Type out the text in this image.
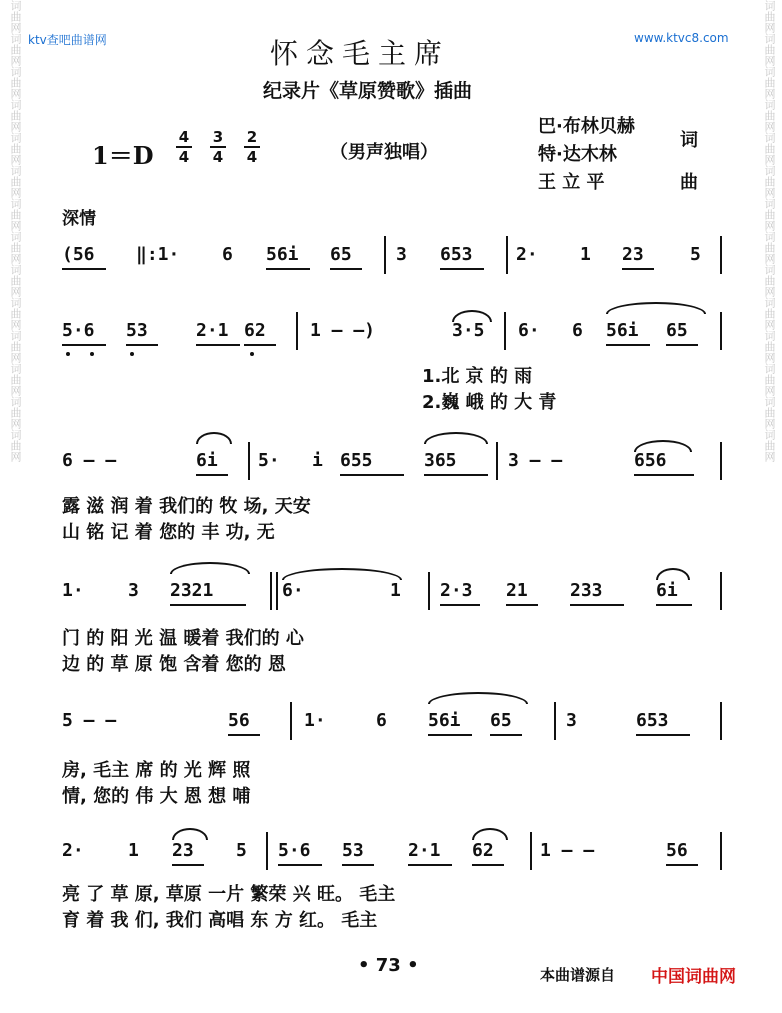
词曲网词曲网词曲网词曲网词曲网词曲网词曲网词曲网词曲网词曲网词曲网词曲网词曲网词曲网	词曲网词曲网词曲网词曲网词曲网词曲网词曲网词曲网词曲网词曲网词曲网词曲网词曲网词曲网
ktv查吧曲谱网	www.ktvc8.com
怀念毛主席
纪录片《草原赞歌》插曲
$1=D \frac{4}{4} \frac{3}{4} \frac{2}{4}$	（男声独唱）
巴·布林贝赫
特·达木林
词
王 立 平	曲
深情
(56 ‖:1· 6 56i 65 3 653 2· 1 23	5
5·6 53	2·1 62 1 — —)	3·5 6· 6 56i 65
1.北 京 的 雨
2.巍 峨 的 大 青
6 — —	6i 5· i 655	365	3 — —	656
露 滋 润 着 我们的 牧 场, 天安
山 铭 记 着 您的 丰 功, 无
1· 3 2321	6·	1 2·3 21 233	6i
门 的 阳 光 温 暖着 我们的 心
边 的 草 原 饱 含着 您的 恩
5 — —	56	1·	6 56i 65	3	653
房, 毛主 席 的 光 辉 照
情, 您的 伟 大 恩 想 哺
2· 1 23 5 5·6 53 2·1 62	1 — —	56
亮 了 草 原, 草原 一片 繁荣 兴 旺。 毛主
育 着 我 们, 我们 高唱 东 方 红。 毛主
• 73 •	本曲谱源自 中国词曲网
